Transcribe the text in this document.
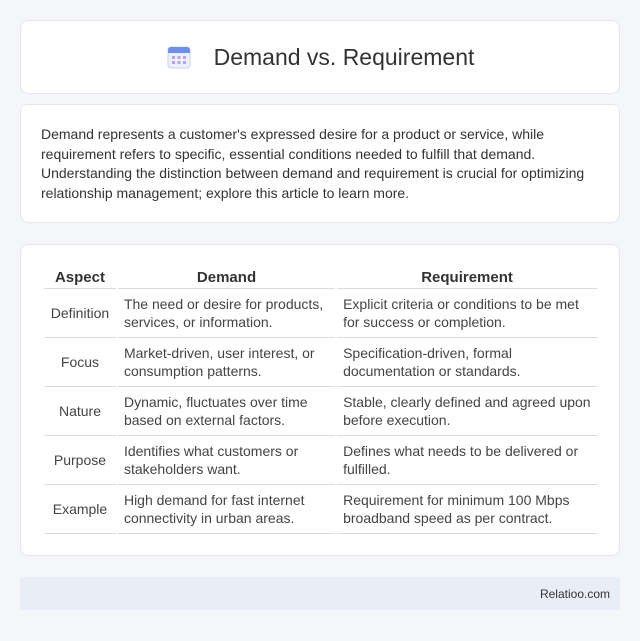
Demand vs. Requirement

Demand represents a customer's expressed desire for a product or service, while requirement refers to specific, essential conditions needed to fulfill that demand. Understanding the distinction between demand and requirement is crucial for optimizing relationship management; explore this article to learn more.

Aspect	Demand	Requirement
Definition	The need or desire for products, services, or information.	Explicit criteria or conditions to be met for success or completion.
Focus	Market-driven, user interest, or consumption patterns.	Specification-driven, formal documentation or standards.
Nature	Dynamic, fluctuates over time based on external factors.	Stable, clearly defined and agreed upon before execution.
Purpose	Identifies what customers or stakeholders want.	Defines what needs to be delivered or fulfilled.
Example	High demand for fast internet connectivity in urban areas.	Requirement for minimum 100 Mbps broadband speed as per contract.
Relatioo.com
